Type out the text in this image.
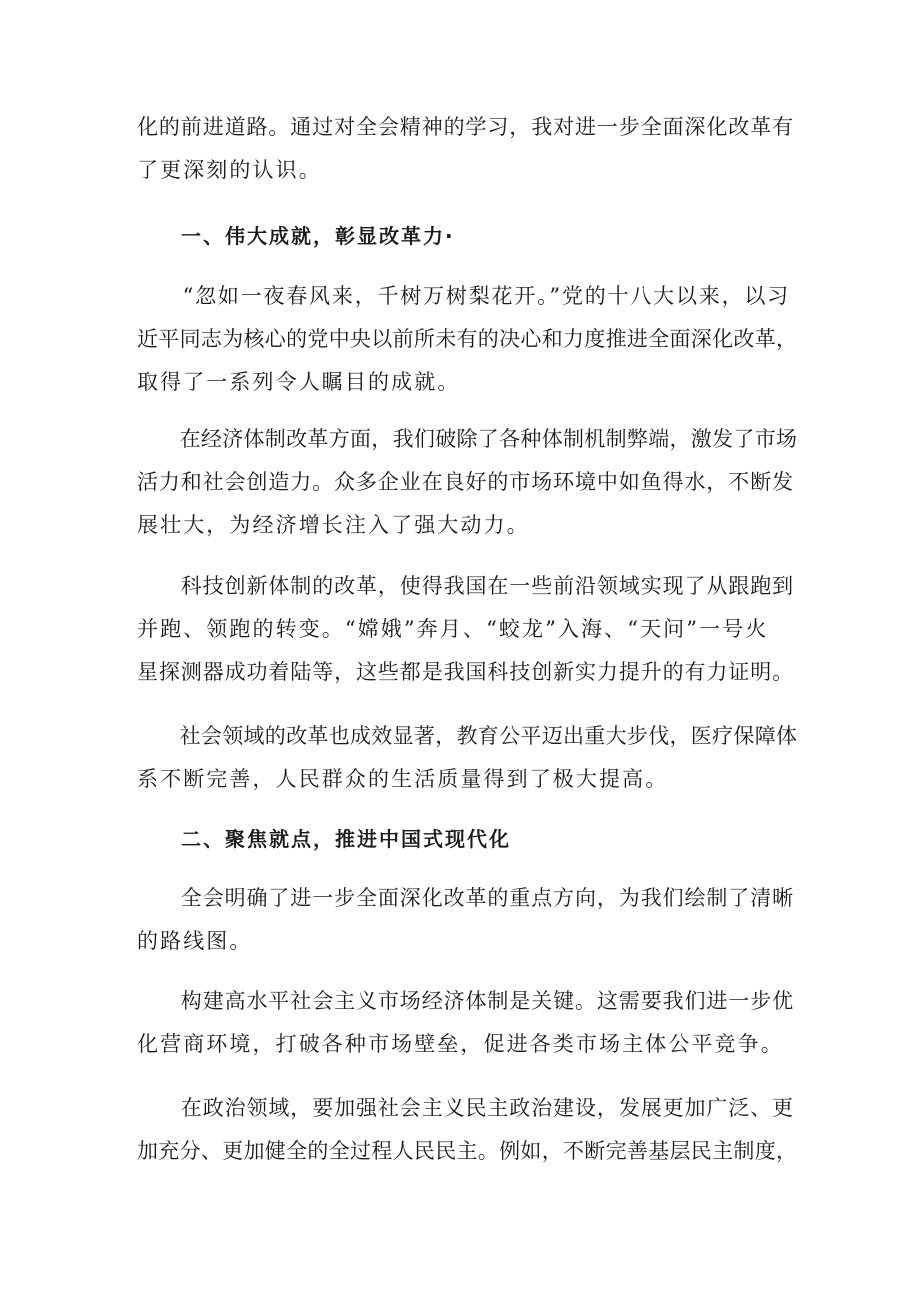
化的前进道路。通过对全会精神的学习，我对进一步全面深化改革有
了更深刻的认识。

　　一、伟大成就，彰显改革力·

　　“忽如一夜春风来，千树万树梨花开。”党的十八大以来，以习
近平同志为核心的党中央以前所未有的决心和力度推进全面深化改革，
取得了一系列令人瞩目的成就。

　　在经济体制改革方面，我们破除了各种体制机制弊端，激发了市场
活力和社会创造力。众多企业在良好的市场环境中如鱼得水，不断发
展壮大，为经济增长注入了强大动力。

　　科技创新体制的改革，使得我国在一些前沿领域实现了从跟跑到
并跑、领跑的转变。“嫦娥”奔月、“蛟龙”入海、“天问”一号火
星探测器成功着陆等，这些都是我国科技创新实力提升的有力证明。

　　社会领域的改革也成效显著，教育公平迈出重大步伐，医疗保障体
系不断完善，人民群众的生活质量得到了极大提高。

　　二、聚焦就点，推进中国式现代化

　　全会明确了进一步全面深化改革的重点方向，为我们绘制了清晰
的路线图。

　　构建高水平社会主义市场经济体制是关键。这需要我们进一步优
化营商环境，打破各种市场壁垒，促进各类市场主体公平竞争。

　　在政治领域，要加强社会主义民主政治建设，发展更加广泛、更
加充分、更加健全的全过程人民民主。例如，不断完善基层民主制度，
